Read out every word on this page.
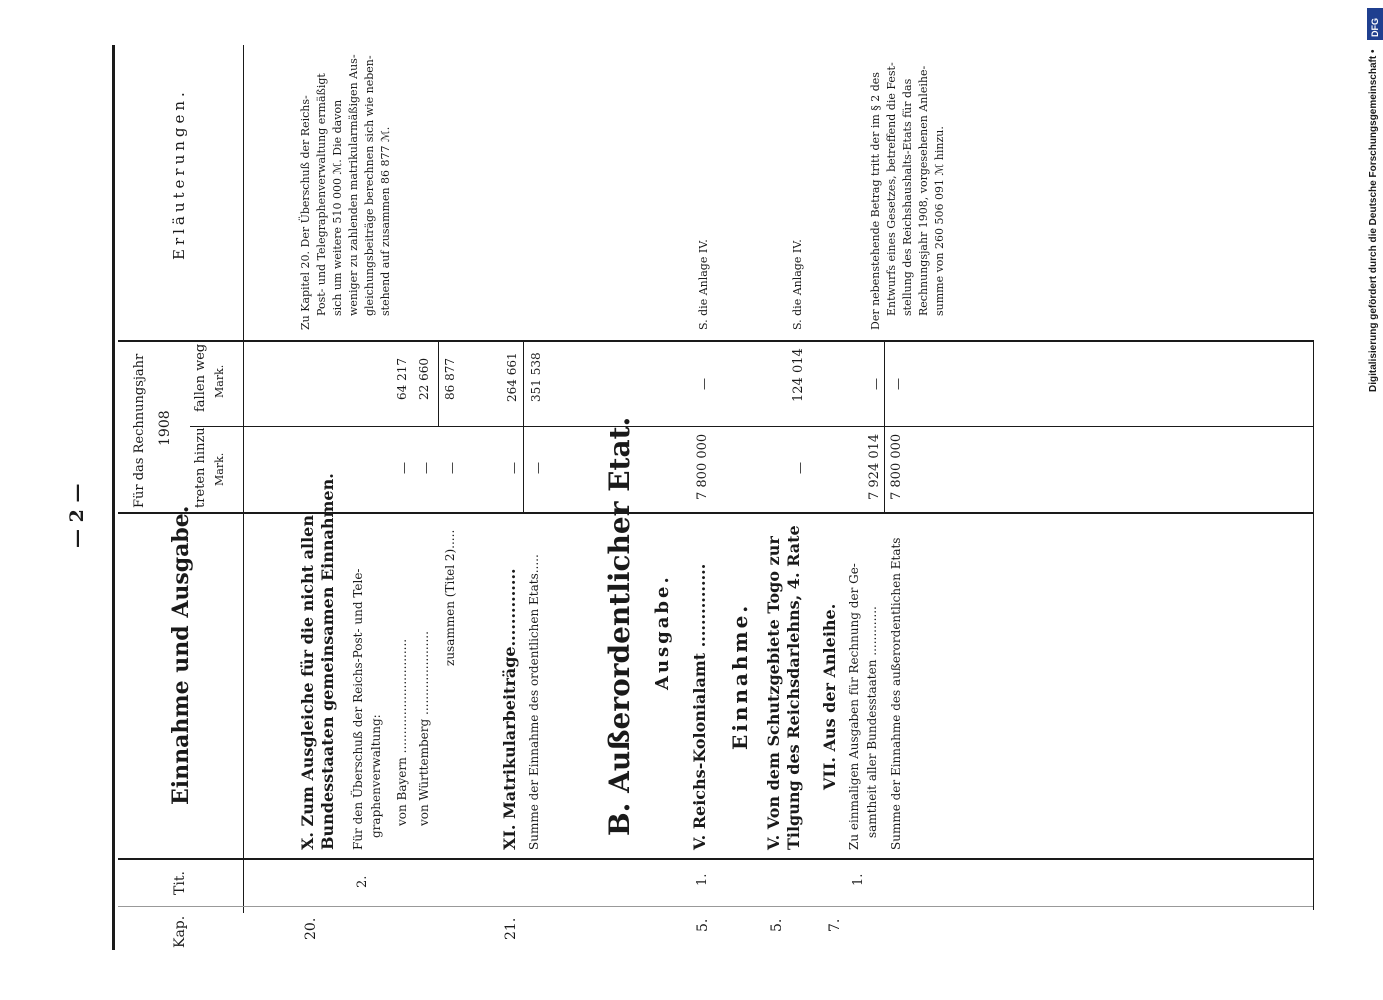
— 2 —
Kap.
Tit.
Einnahme und Ausgabe.
Für das Rechnungsjahr 1908 treten hinzu Mark.
fallen weg Mark.
Erläuterungen.
20.
X. Zum Ausgleiche für die nicht allen Bundesstaaten gemeinsamen Einnahmen.
2.
Für den Überschuß der Reichs-Post- und Tele- graphenverwaltung: von Bayern ..............................
—
64 217
von Württemberg ......................
—
22 660
zusammen (Titel 2).....
—
86 877
21.
XI. Matrikularbeiträge..............
—
264 661
Summe der Einnahme des ordentlichen Etats.....
—
351 538
B. Außerordentlicher Etat. Ausgabe.
5.
1.
V. Reichs-Kolonialamt ...............
7 800 000
—
S. die Anlage IV.
Einnahme.
5.
V. Von dem Schutzgebiete Togo zur Tilgung des Reichsdarlehns, 4. Rate
—
124 014
S. die Anlage IV.
7.
VII. Aus der Anleihe.
1.
Zu einmaligen Ausgaben für Rechnung der Ge- samtheit aller Bundesstaaten .............
7 924 014
—
Summe der Einnahme des außerordentlichen Etats
7 800 000
—
Zu Kapitel 20. Der Überschuß der Reichs- Post- und Telegraphenverwaltung ermäßigt sich um weitere 510 000 ℳ. Die davon weniger zu zahlenden matrikularmäßigen Aus- gleichungsbeiträge berechnen sich wie neben- stehend auf zusammen 86 877 ℳ.	Der nebenstehende Betrag tritt der im § 2 des Entwurfs eines Gesetzes, betreffend die Fest- stellung des Reichshaushalts-Etats für das Rechnungsjahr 1908, vorgesehenen Anleihe- summe von 260 506 091 ℳ hinzu.	Digitalisierung gefördert durch die Deutsche Forschungsgemeinschaft •
DFG
